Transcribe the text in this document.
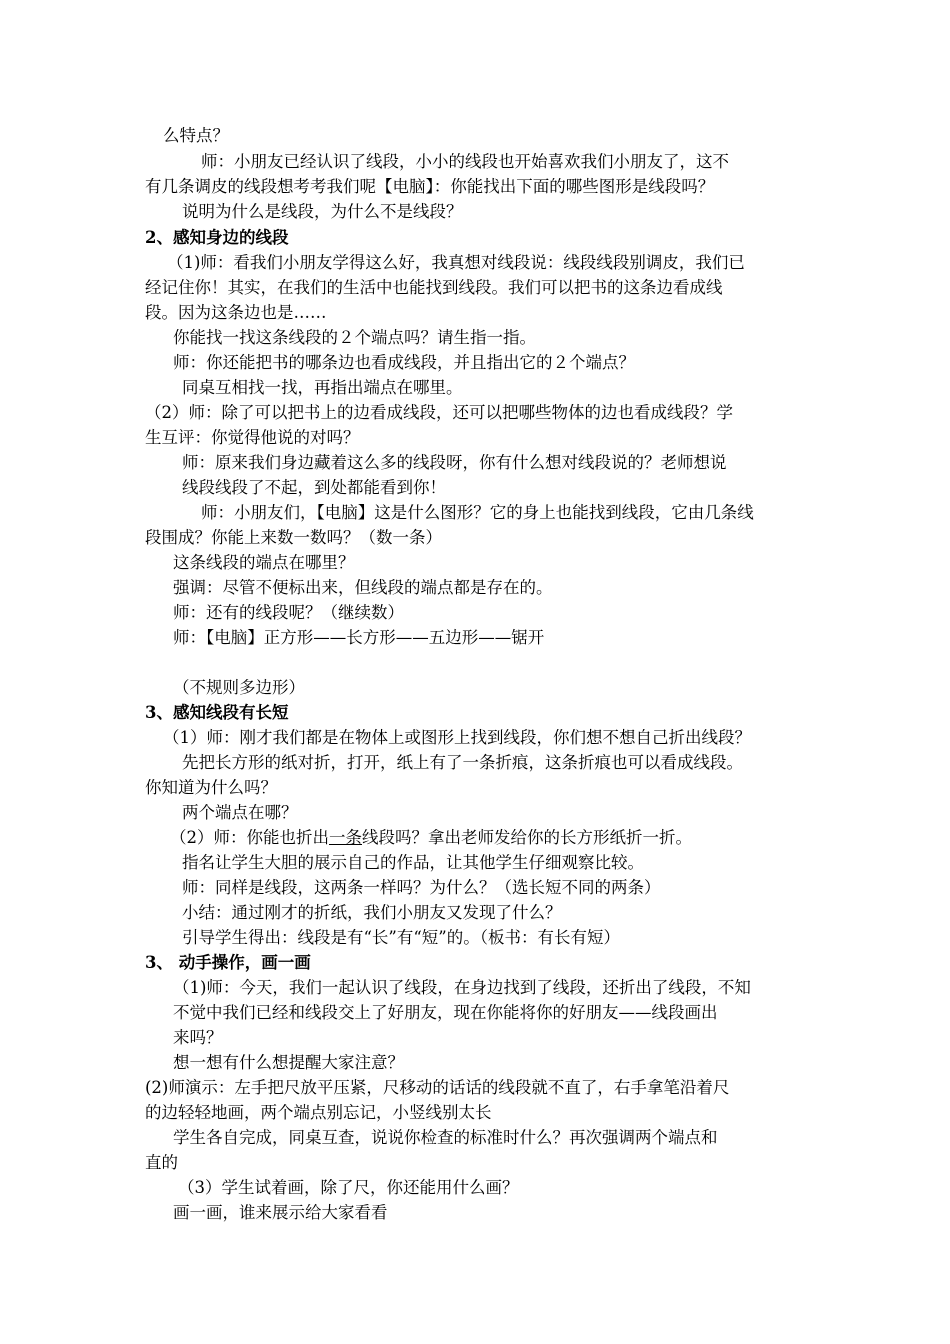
么特点？
师：小朋友已经认识了线段，小小的线段也开始喜欢我们小朋友了，这不
有几条调皮的线段想考考我们呢【电脑】：你能找出下面的哪些图形是线段吗？
说明为什么是线段，为什么不是线段？
2、感知身边的线段
（1)师：看我们小朋友学得这么好，我真想对线段说：线段线段别调皮，我们已
经记住你！其实，在我们的生活中也能找到线段。我们可以把书的这条边看成线
段。因为这条边也是……
你能找一找这条线段的２个端点吗？请生指一指。
师：你还能把书的哪条边也看成线段，并且指出它的２个端点？
同桌互相找一找，再指出端点在哪里。
（2）师：除了可以把书上的边看成线段，还可以把哪些物体的边也看成线段？学
生互评：你觉得他说的对吗？
师：原来我们身边藏着这么多的线段呀，你有什么想对线段说的？老师想说
线段线段了不起，到处都能看到你！
师：小朋友们，【电脑】这是什么图形？它的身上也能找到线段，它由几条线
段围成？你能上来数一数吗？（数一条）
这条线段的端点在哪里？
强调：尽管不便标出来，但线段的端点都是存在的。
师：还有的线段呢？（继续数）
师：【电脑】正方形——长方形——五边形——锯开
（不规则多边形）
3、感知线段有长短
（1）师：刚才我们都是在物体上或图形上找到线段，你们想不想自己折出线段？
先把长方形的纸对折，打开，纸上有了一条折痕，这条折痕也可以看成线段。
你知道为什么吗？
两个端点在哪？
（2）师：你能也折出一条线段吗？拿出老师发给你的长方形纸折一折。
指名让学生大胆的展示自己的作品，让其他学生仔细观察比较。
师：同样是线段，这两条一样吗？为什么？（选长短不同的两条）
小结：通过刚才的折纸，我们小朋友又发现了什么？
引导学生得出：线段是有“长”有“短”的。（板书：有长有短）
3、 动手操作，画一画
（1)师：今天，我们一起认识了线段，在身边找到了线段，还折出了线段，不知
不觉中我们已经和线段交上了好朋友，现在你能将你的好朋友——线段画出
来吗？
想一想有什么想提醒大家注意？
(2)师演示：左手把尺放平压紧，尺移动的话话的线段就不直了，右手拿笔沿着尺
的边轻轻地画，两个端点别忘记，小竖线别太长
学生各自完成，同桌互查，说说你检查的标准时什么？再次强调两个端点和
直的
（3）学生试着画，除了尺，你还能用什么画？
画一画，谁来展示给大家看看
